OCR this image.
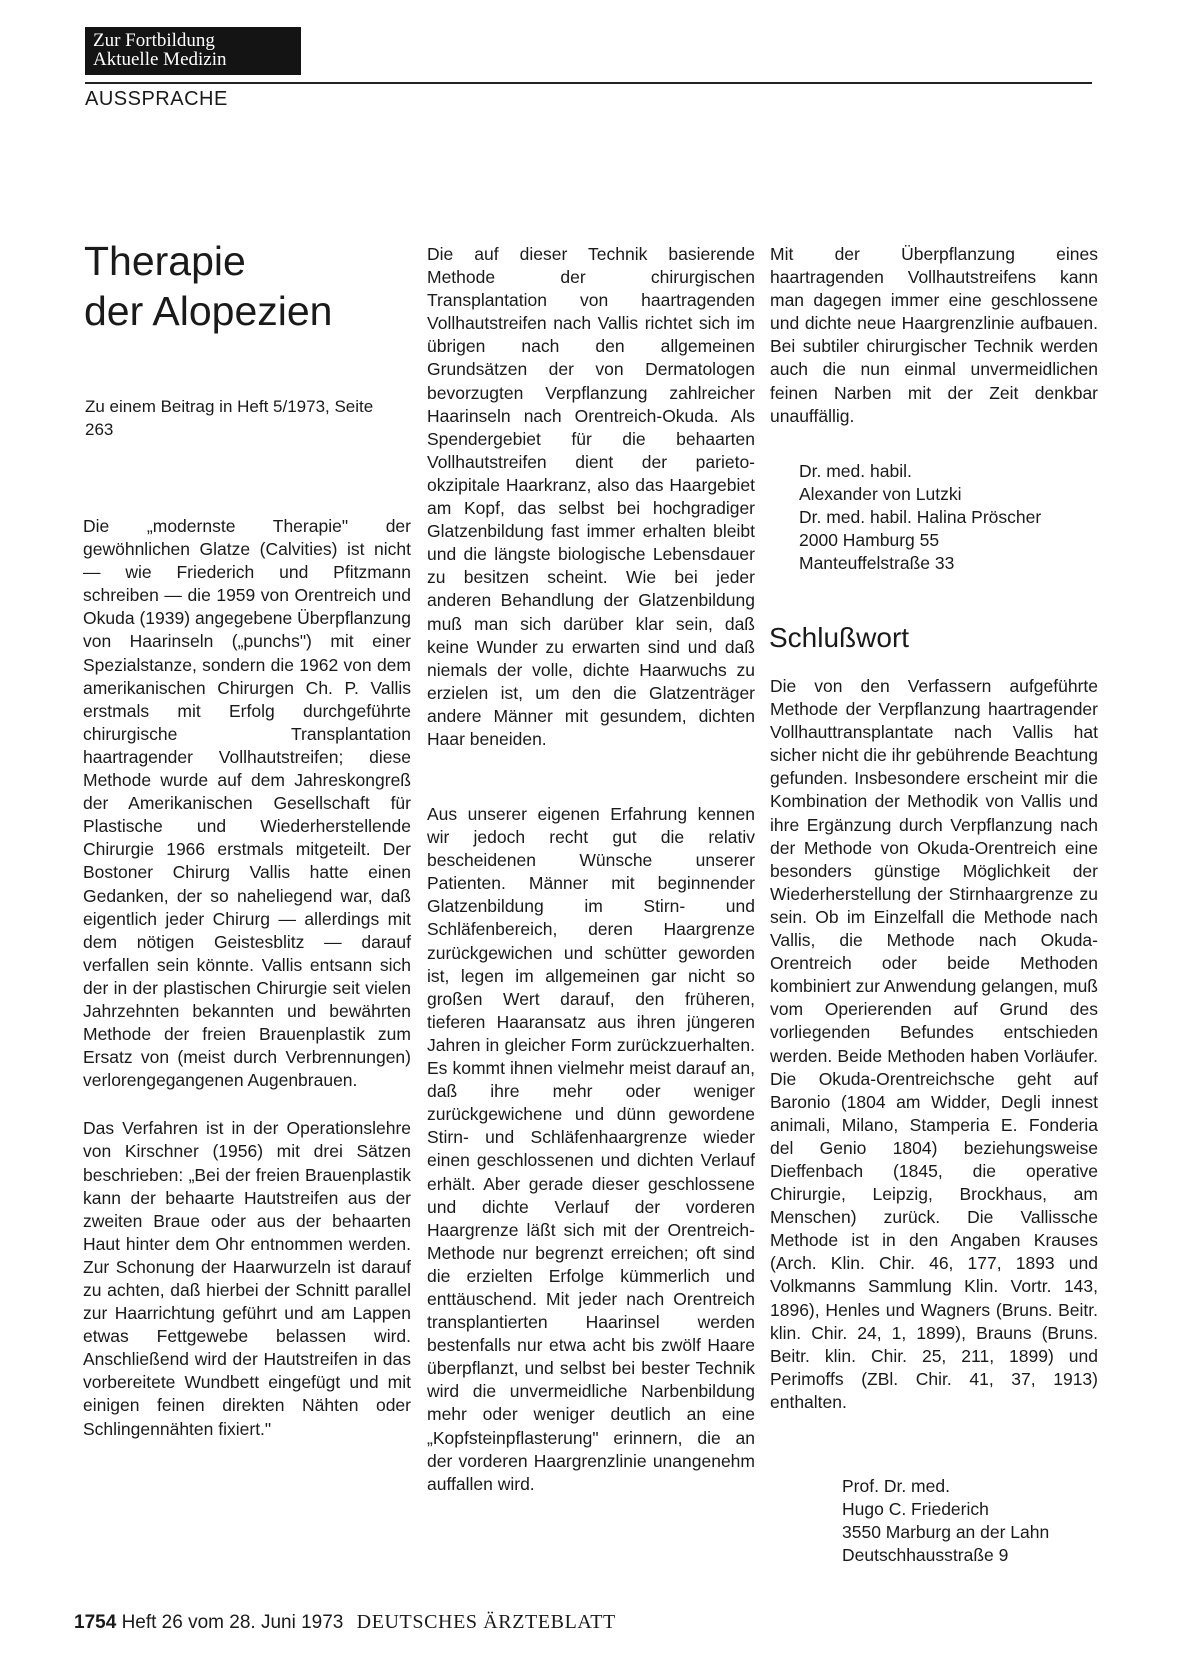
Zur Fortbildung
Aktuelle Medizin
AUSSPRACHE
Therapie
der Alopezien
Zu einem Beitrag in Heft 5/1973, Seite 263

Die „modernste Therapie" der gewöhnlichen Glatze (Calvities) ist nicht — wie Friederich und Pfitzmann schreiben — die 1959 von Orentreich und Okuda (1939) angegebene Überpflanzung von Haarinseln („punchs") mit einer Spezialstanze, sondern die 1962 von dem amerikanischen Chirurgen Ch. P. Vallis erstmals mit Erfolg durchgeführte chirurgische Transplantation haartragender Vollhautstreifen; diese Methode wurde auf dem Jahreskongreß der Amerikanischen Gesellschaft für Plastische und Wiederherstellende Chirurgie 1966 erstmals mitgeteilt. Der Bostoner Chirurg Vallis hatte einen Gedanken, der so naheliegend war, daß eigentlich jeder Chirurg — allerdings mit dem nötigen Geistesblitz — darauf verfallen sein könnte. Vallis entsann sich der in der plastischen Chirurgie seit vielen Jahrzehnten bekannten und bewährten Methode der freien Brauenplastik zum Ersatz von (meist durch Verbrennungen) verlorengegangenen Augenbrauen.

Das Verfahren ist in der Operationslehre von Kirschner (1956) mit drei Sätzen beschrieben: „Bei der freien Brauenplastik kann der behaarte Hautstreifen aus der zweiten Braue oder aus der behaarten Haut hinter dem Ohr entnommen werden. Zur Schonung der Haarwurzeln ist darauf zu achten, daß hierbei der Schnitt parallel zur Haarrichtung geführt und am Lappen etwas Fettgewebe belassen wird. Anschließend wird der Hautstreifen in das vorbereitete Wundbett eingefügt und mit einigen feinen direkten Nähten oder Schlingennähten fixiert."

Die auf dieser Technik basierende Methode der chirurgischen Transplantation von haartragenden Vollhautstreifen nach Vallis richtet sich im übrigen nach den allgemeinen Grundsätzen der von Dermatologen bevorzugten Verpflanzung zahlreicher Haarinseln nach Orentreich-Okuda. Als Spendergebiet für die behaarten Vollhautstreifen dient der parieto-okzipitale Haarkranz, also das Haargebiet am Kopf, das selbst bei hochgradiger Glatzenbildung fast immer erhalten bleibt und die längste biologische Lebensdauer zu besitzen scheint. Wie bei jeder anderen Behandlung der Glatzenbildung muß man sich darüber klar sein, daß keine Wunder zu erwarten sind und daß niemals der volle, dichte Haarwuchs zu erzielen ist, um den die Glatzenträger andere Männer mit gesundem, dichten Haar beneiden.

Aus unserer eigenen Erfahrung kennen wir jedoch recht gut die relativ bescheidenen Wünsche unserer Patienten. Männer mit beginnender Glatzenbildung im Stirn- und Schläfenbereich, deren Haargrenze zurückgewichen und schütter geworden ist, legen im allgemeinen gar nicht so großen Wert darauf, den früheren, tieferen Haaransatz aus ihren jüngeren Jahren in gleicher Form zurückzuerhalten. Es kommt ihnen vielmehr meist darauf an, daß ihre mehr oder weniger zurückgewichene und dünn gewordene Stirn- und Schläfenhaargrenze wieder einen geschlossenen und dichten Verlauf erhält. Aber gerade dieser geschlossene und dichte Verlauf der vorderen Haargrenze läßt sich mit der Orentreich-Methode nur begrenzt erreichen; oft sind die erzielten Erfolge kümmerlich und enttäuschend. Mit jeder nach Orentreich transplantierten Haarinsel werden bestenfalls nur etwa acht bis zwölf Haare überpflanzt, und selbst bei bester Technik wird die unvermeidliche Narbenbildung mehr oder weniger deutlich an eine „Kopfsteinpflasterung" erinnern, die an der vorderen Haargrenzlinie unangenehm auffallen wird.

Mit der Überpflanzung eines haartragenden Vollhautstreifens kann man dagegen immer eine geschlossene und dichte neue Haargrenzlinie aufbauen. Bei subtiler chirurgischer Technik werden auch die nun einmal unvermeidlichen feinen Narben mit der Zeit denkbar unauffällig.

Dr. med. habil.
Alexander von Lutzki
Dr. med. habil. Halina Pröscher
2000 Hamburg 55
Manteuffelstraße 33
Schlußwort

Die von den Verfassern aufgeführte Methode der Verpflanzung haartragender Vollhauttransplantate nach Vallis hat sicher nicht die ihr gebührende Beachtung gefunden. Insbesondere erscheint mir die Kombination der Methodik von Vallis und ihre Ergänzung durch Verpflanzung nach der Methode von Okuda-Orentreich eine besonders günstige Möglichkeit der Wiederherstellung der Stirnhaargrenze zu sein. Ob im Einzelfall die Methode nach Vallis, die Methode nach Okuda-Orentreich oder beide Methoden kombiniert zur Anwendung gelangen, muß vom Operierenden auf Grund des vorliegenden Befundes entschieden werden. Beide Methoden haben Vorläufer. Die Okuda-Orentreichsche geht auf Baronio (1804 am Widder, Degli innest animali, Milano, Stamperia E. Fonderia del Genio 1804) beziehungsweise Dieffenbach (1845, die operative Chirurgie, Leipzig, Brockhaus, am Menschen) zurück. Die Vallissche Methode ist in den Angaben Krauses (Arch. Klin. Chir. 46, 177, 1893 und Volkmanns Sammlung Klin. Vortr. 143, 1896), Henles und Wagners (Bruns. Beitr. klin. Chir. 24, 1, 1899), Brauns (Bruns. Beitr. klin. Chir. 25, 211, 1899) und Perimoffs (ZBl. Chir. 41, 37, 1913) enthalten.

Prof. Dr. med.
Hugo C. Friederich
3550 Marburg an der Lahn
Deutschhausstraße 9
1754 Heft 26 vom 28. Juni 1973 DEUTSCHES ÄRZTEBLATT
